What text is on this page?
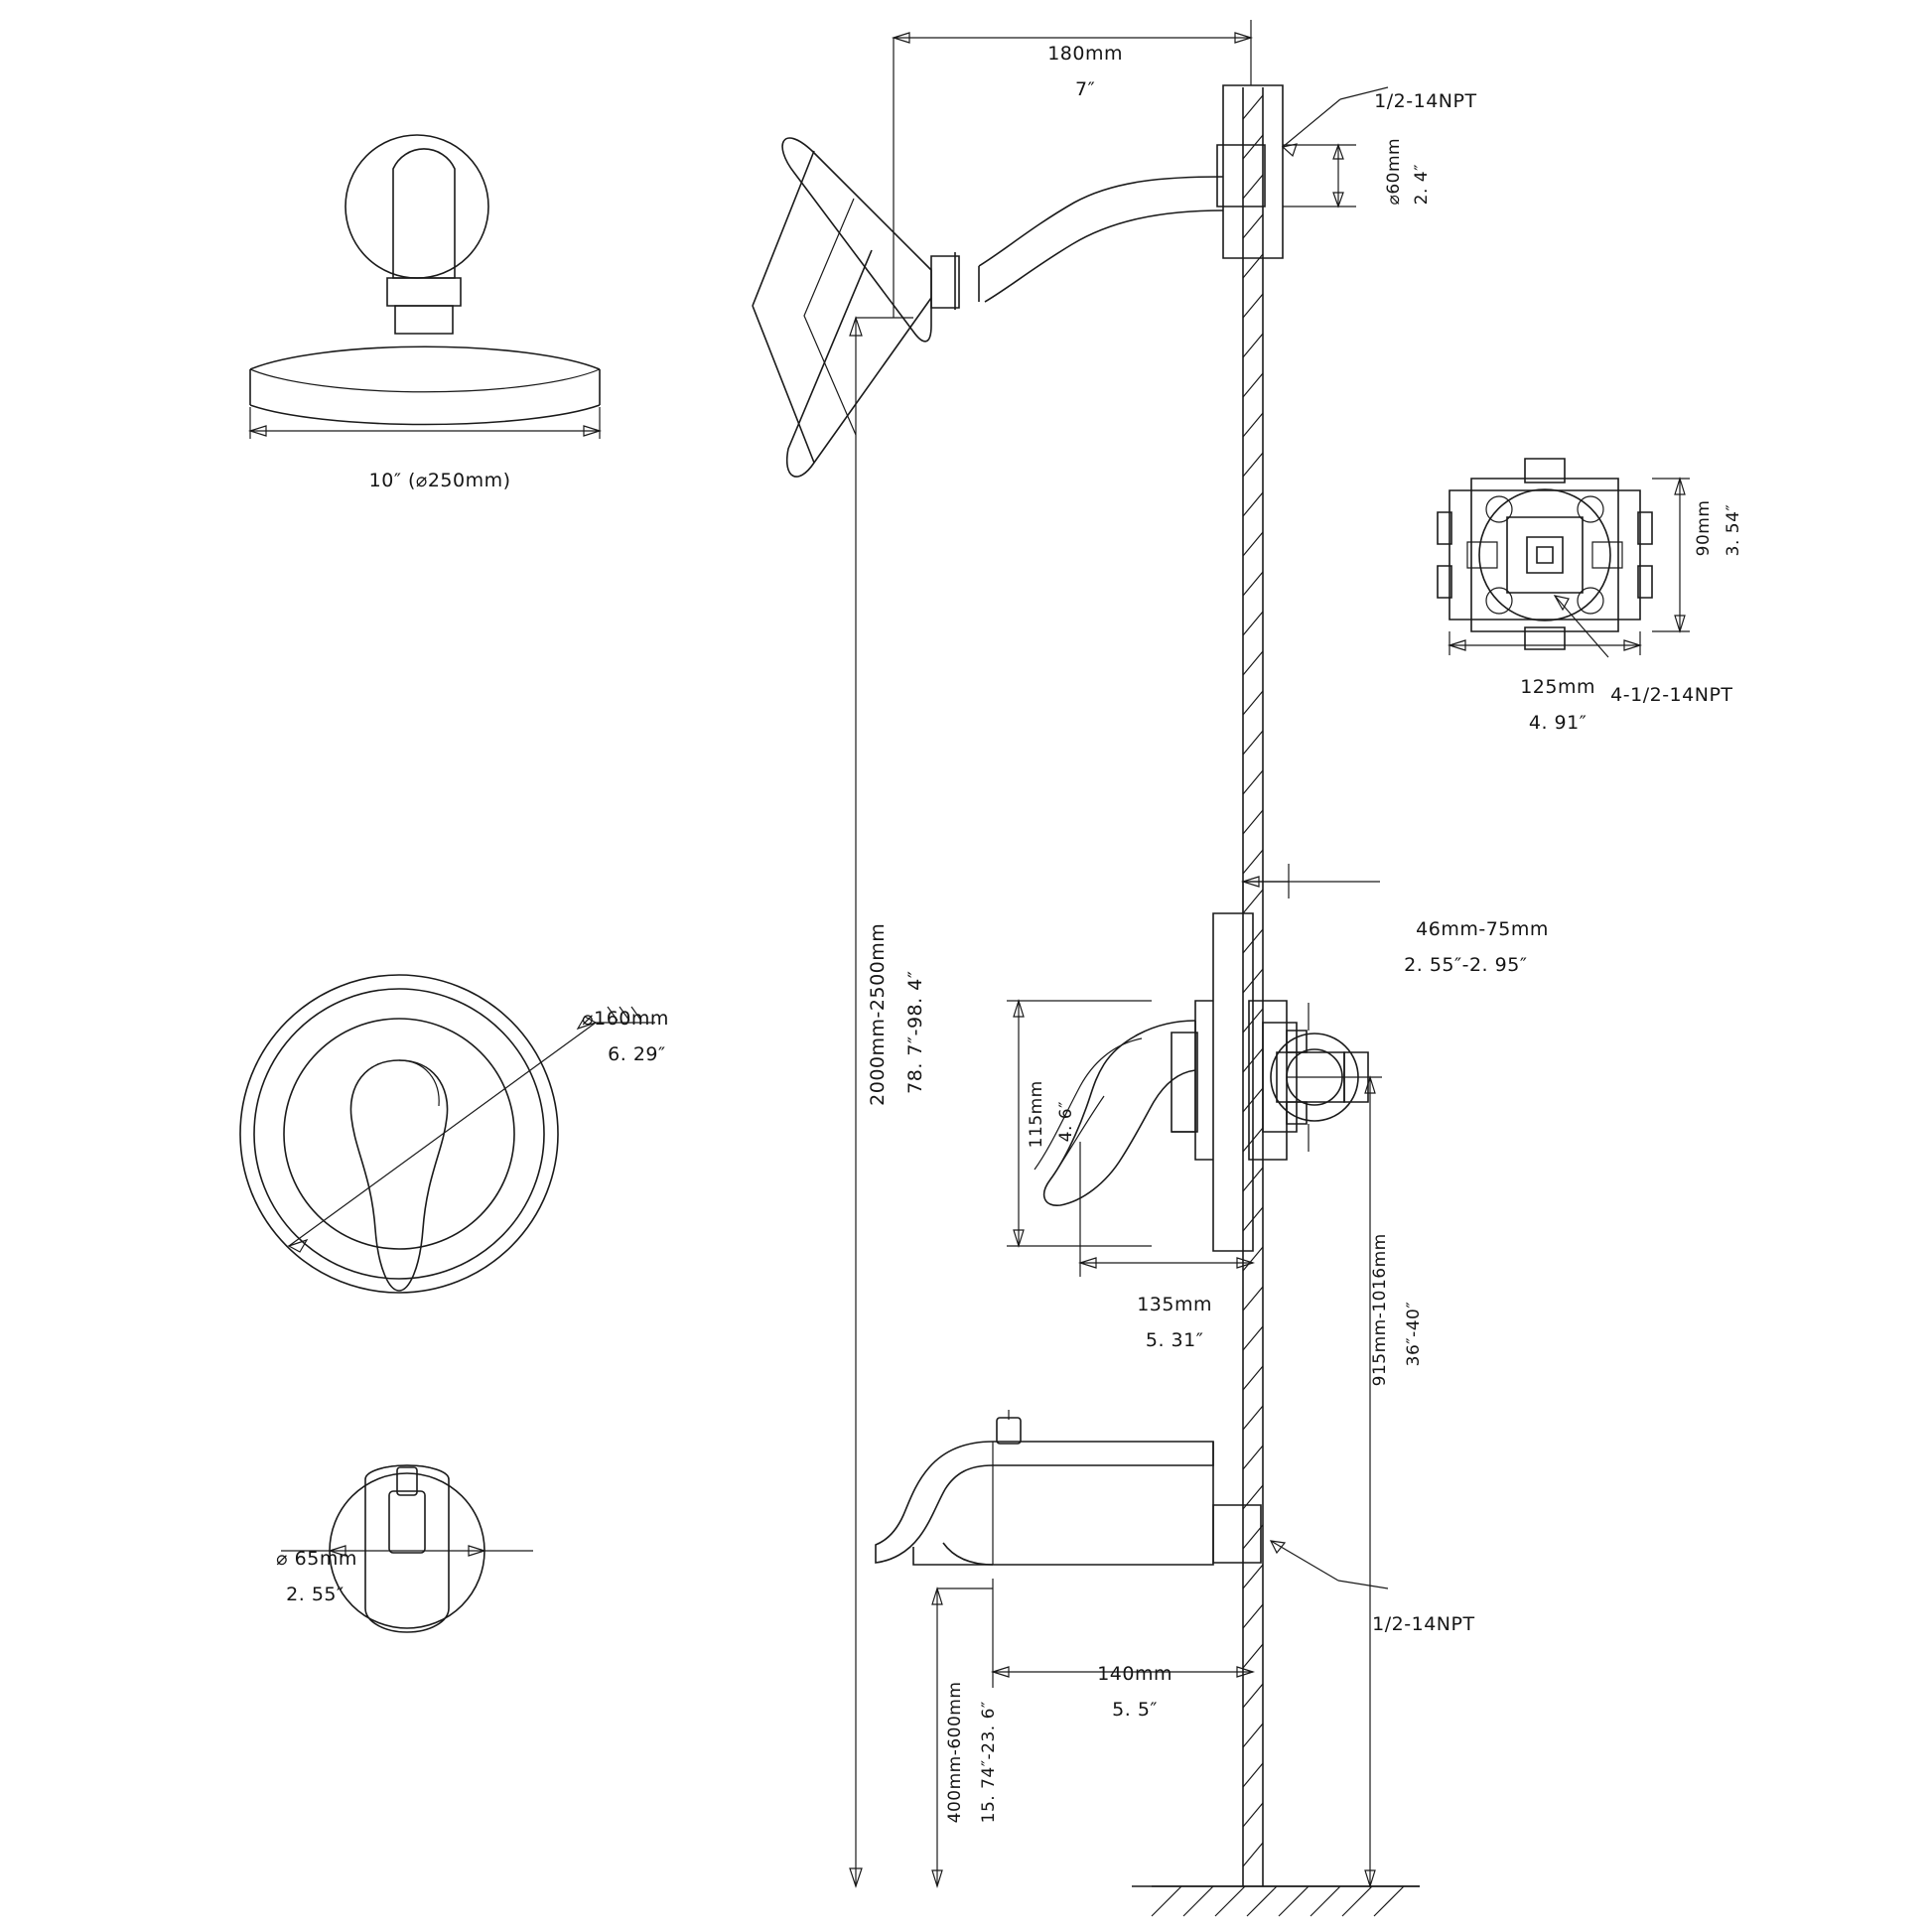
10″ (⌀250mm)

⌀160mm

6. 29″

⌀ 65mm

2. 55″

180mm

7″

1/2-14NPT

⌀60mm
2. 4″

2000mm-2500mm
78. 7″-98. 4″

90mm
3. 54″

125mm

4. 91″

4-1/2-14NPT

46mm-75mm

2. 55″-2. 95″

115mm
4. 6″

135mm

5. 31″
	915mm-1016mm
36″-40″

1/2-14NPT

140mm

5. 5″

400mm-600mm
15. 74″-23. 6″
